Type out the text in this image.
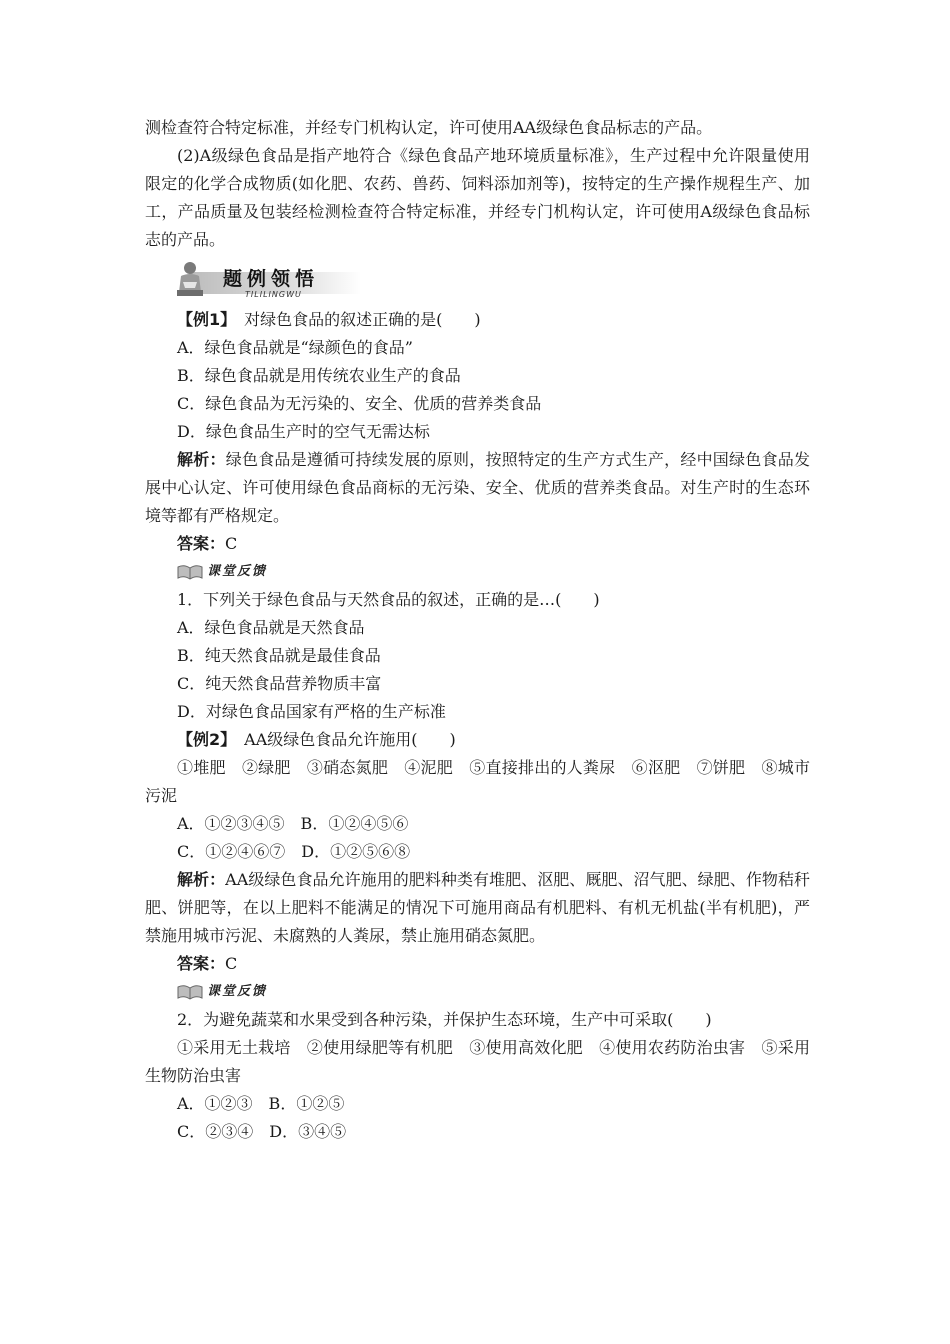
测检查符合特定标准，并经专门机构认定，许可使用AA级绿色食品标志的产品。

(2)A级绿色食品是指产地符合《绿色食品产地环境质量标准》，生产过程中允许限量使用限定的化学合成物质(如化肥、农药、兽药、饲料添加剂等)，按特定的生产操作规程生产、加工，产品质量及包装经检测检查符合特定标准，并经专门机构认定，许可使用A级绿色食品标志的产品。

题例领悟
TILILINGWU

【例1】　 对绿色食品的叙述正确的是(　　)

A．绿色食品就是“绿颜色的食品”

B．绿色食品就是用传统农业生产的食品

C．绿色食品为无污染的、安全、优质的营养类食品

D．绿色食品生产时的空气无需达标

解析：绿色食品是遵循可持续发展的原则，按照特定的生产方式生产，经中国绿色食品发展中心认定、许可使用绿色食品商标的无污染、安全、优质的营养类食品。对生产时的生态环境等都有严格规定。

答案：C

课堂反馈

1．下列关于绿色食品与天然食品的叙述，正确的是…(　　)

A．绿色食品就是天然食品

B．纯天然食品就是最佳食品

C．纯天然食品营养物质丰富

D．对绿色食品国家有严格的生产标准

【例2】　 AA级绿色食品允许施用(　　)

①堆肥　②绿肥　③硝态氮肥　④泥肥　⑤直接排出的人粪尿　⑥沤肥　⑦饼肥　⑧城市污泥

A．①②③④⑤　B．①②④⑤⑥

C．①②④⑥⑦　D．①②⑤⑥⑧

解析：AA级绿色食品允许施用的肥料种类有堆肥、沤肥、厩肥、沼气肥、绿肥、作物秸秆肥、饼肥等，在以上肥料不能满足的情况下可施用商品有机肥料、有机无机盐(半有机肥)，严禁施用城市污泥、未腐熟的人粪尿，禁止施用硝态氮肥。

答案：C

课堂反馈

2．为避免蔬菜和水果受到各种污染，并保护生态环境，生产中可采取(　　)

①采用无土栽培　②使用绿肥等有机肥　③使用高效化肥　④使用农药防治虫害　⑤采用生物防治虫害

A．①②③　B．①②⑤

C．②③④　D．③④⑤
